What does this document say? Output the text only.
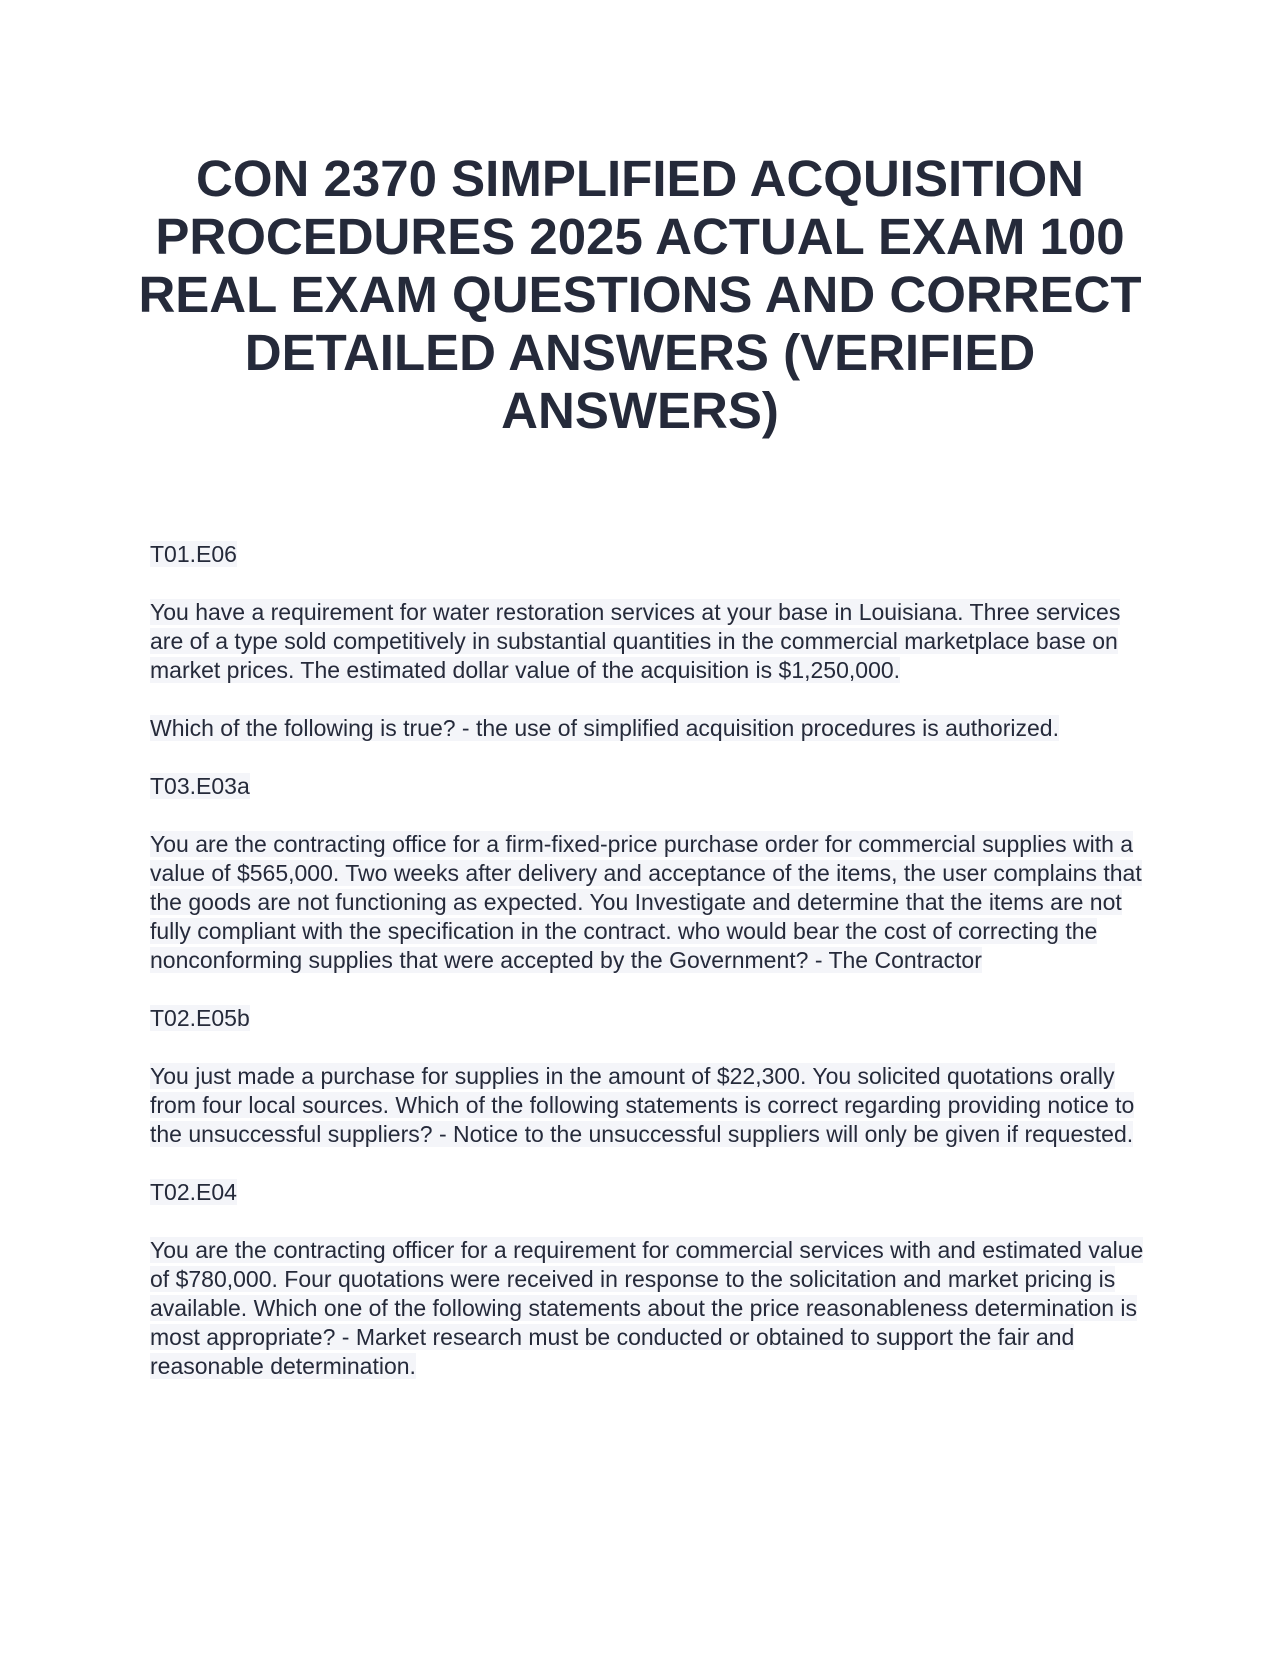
CON 2370 SIMPLIFIED ACQUISITION PROCEDURES 2025 ACTUAL EXAM 100 REAL EXAM QUESTIONS AND CORRECT DETAILED ANSWERS (VERIFIED ANSWERS)

T01.E06

You have a requirement for water restoration services at your base in Louisiana. Three services are of a type sold competitively in substantial quantities in the commercial marketplace base on market prices. The estimated dollar value of the acquisition is $1,250,000.

Which of the following is true? - the use of simplified acquisition procedures is authorized.

T03.E03a

You are the contracting office for a firm-fixed-price purchase order for commercial supplies with a value of $565,000. Two weeks after delivery and acceptance of the items, the user complains that the goods are not functioning as expected. You Investigate and determine that the items are not fully compliant with the specification in the contract. who would bear the cost of correcting the nonconforming supplies that were accepted by the Government? - The Contractor

T02.E05b

You just made a purchase for supplies in the amount of $22,300. You solicited quotations orally from four local sources. Which of the following statements is correct regarding providing notice to the unsuccessful suppliers? - Notice to the unsuccessful suppliers will only be given if requested.

T02.E04

You are the contracting officer for a requirement for commercial services with and estimated value of $780,000. Four quotations were received in response to the solicitation and market pricing is available. Which one of the following statements about the price reasonableness determination is most appropriate? - Market research must be conducted or obtained to support the fair and reasonable determination.
